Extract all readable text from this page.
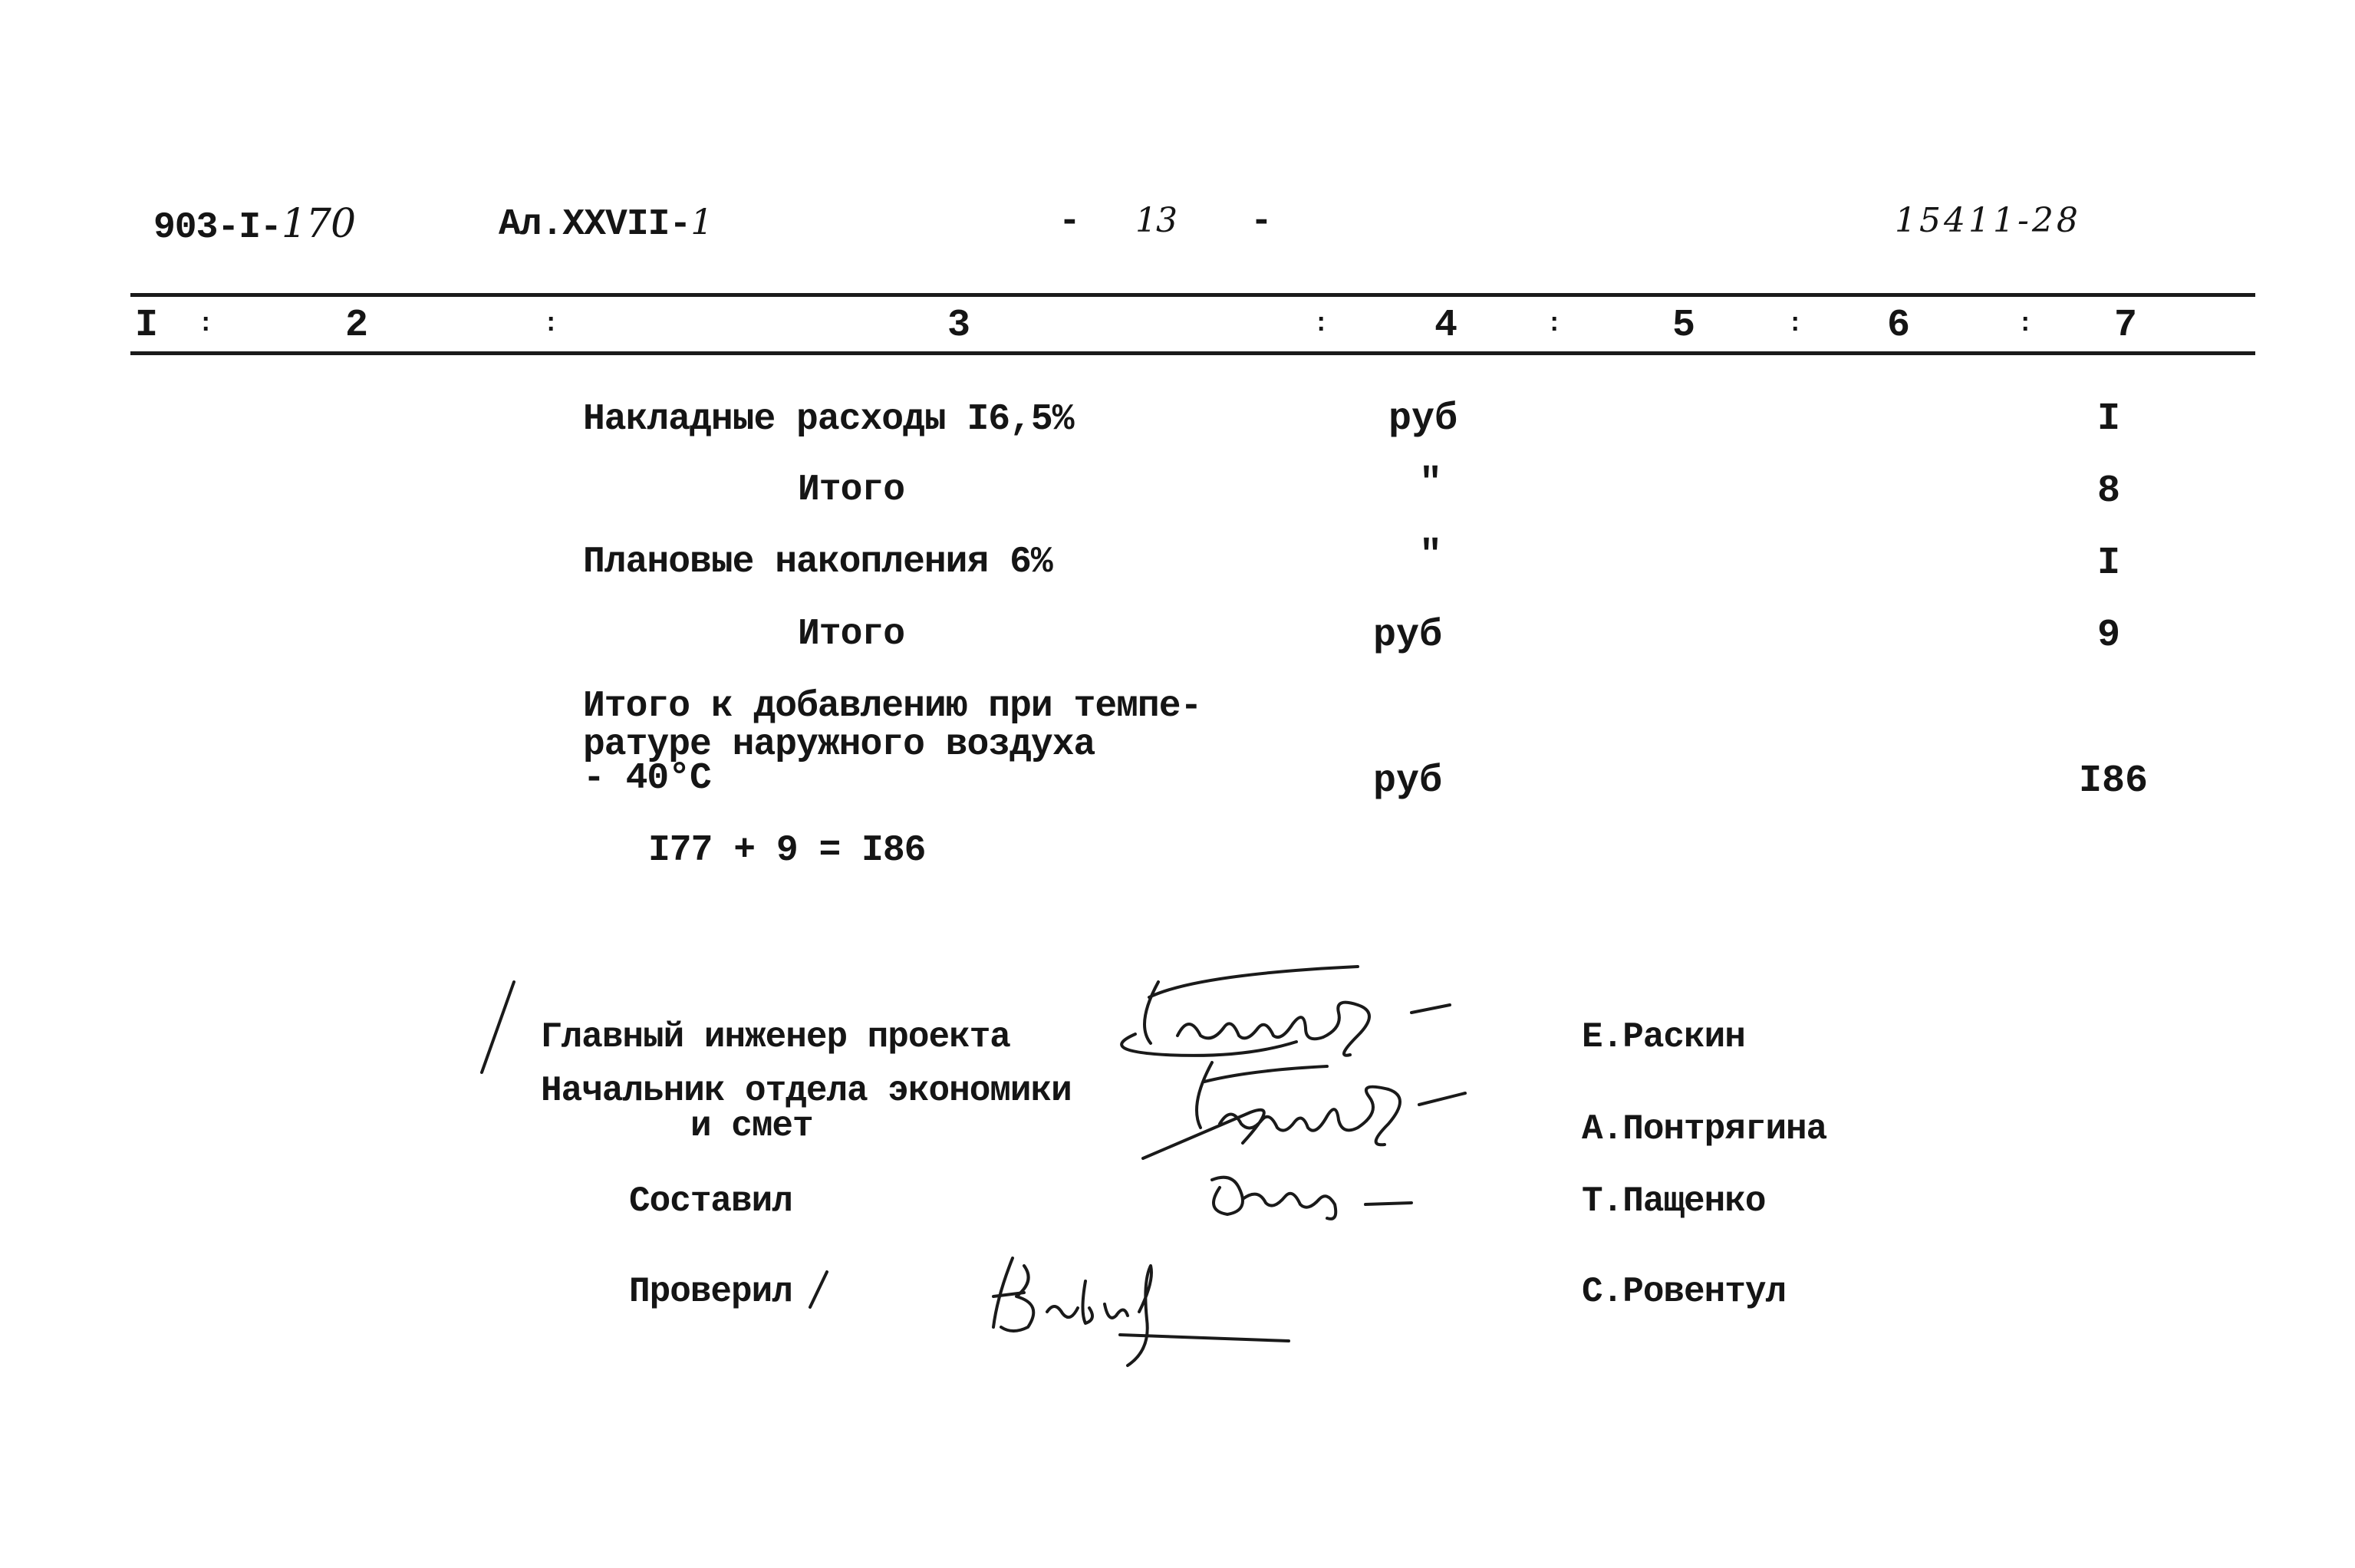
903-I-170	Ал.XXVII-1	- 13 -	15411-28
I :	2	:	3	:	4	:	5	: 6	: 7
Накладные расходы I6,5%	руб	I
Итого	"	8
Плановые накопления 6%	"	I
Итого	руб	9
Итого к добавлению при темпе-
ратуре наружного воздуха
- 40°С	руб	I86
I77 + 9 = I86
Главный инженер проекта	Е.Раскин
Начальник отдела экономики
и смет	А.Понтрягина
Составил	Т.Пащенко
Проверил	С.Ровентул
